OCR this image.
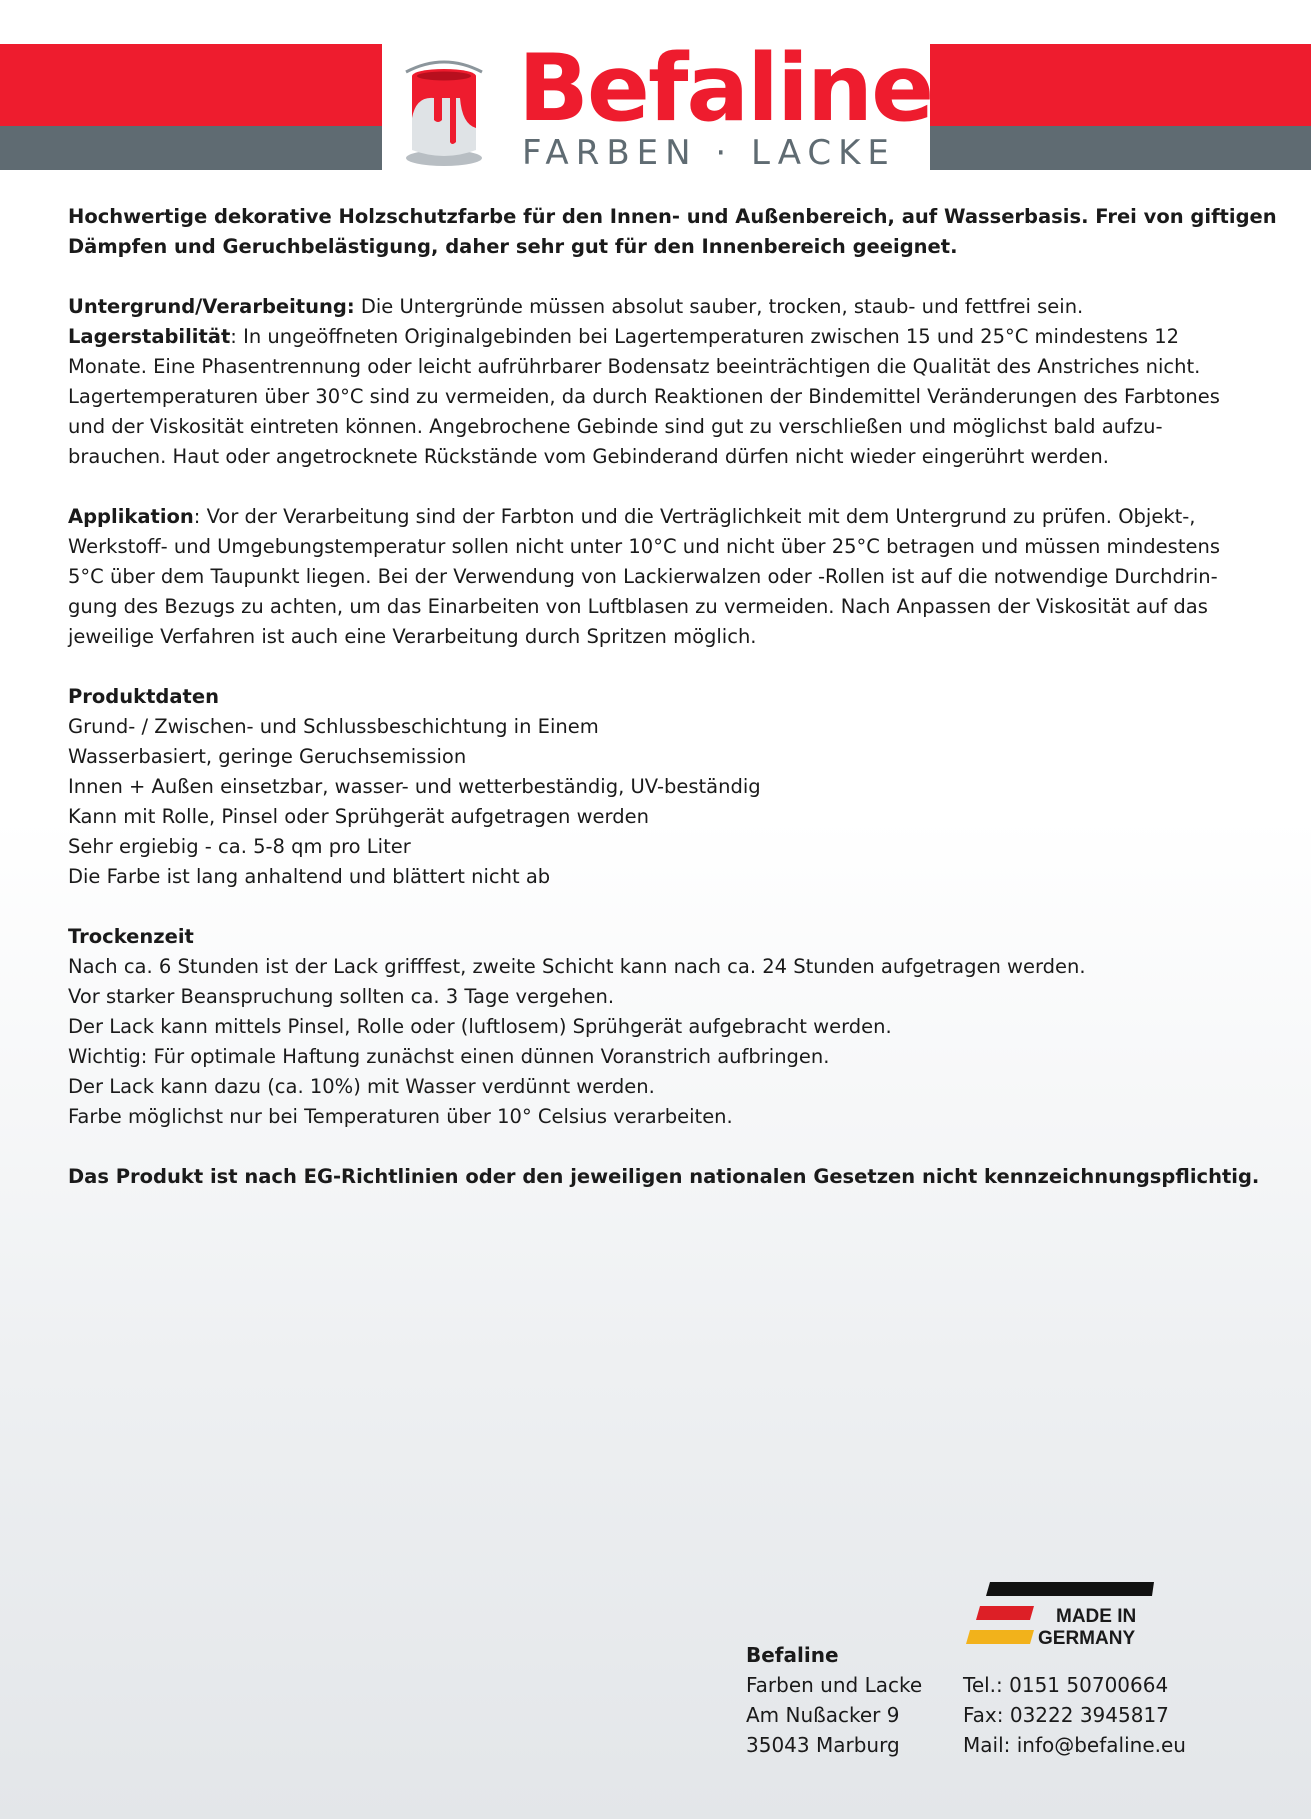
Befaline
FARBEN · LACKE
Hochwertige dekorative Holzschutzfarbe für den Innen- und Außenbereich, auf Wasserbasis. Frei von giftigen
Dämpfen und Geruchbelästigung, daher sehr gut für den Innenbereich geeignet.
Untergrund/Verarbeitung: Die Untergründe müssen absolut sauber, trocken, staub- und fettfrei sein.
Lagerstabilität: In ungeöffneten Originalgebinden bei Lagertemperaturen zwischen 15 und 25°C mindestens 12
Monate. Eine Phasentrennung oder leicht aufrührbarer Bodensatz beeinträchtigen die Qualität des Anstriches nicht.
Lagertemperaturen über 30°C sind zu vermeiden, da durch Reaktionen der Bindemittel Veränderungen des Farbtones
und der Viskosität eintreten können. Angebrochene Gebinde sind gut zu verschließen und möglichst bald aufzu-
brauchen. Haut oder angetrocknete Rückstände vom Gebinderand dürfen nicht wieder eingerührt werden.
Applikation: Vor der Verarbeitung sind der Farbton und die Verträglichkeit mit dem Untergrund zu prüfen. Objekt-,
Werkstoff- und Umgebungstemperatur sollen nicht unter 10°C und nicht über 25°C betragen und müssen mindestens
5°C über dem Taupunkt liegen. Bei der Verwendung von Lackierwalzen oder -Rollen ist auf die notwendige Durchdrin-
gung des Bezugs zu achten, um das Einarbeiten von Luftblasen zu vermeiden. Nach Anpassen der Viskosität auf das
jeweilige Verfahren ist auch eine Verarbeitung durch Spritzen möglich.
Produktdaten
Grund- / Zwischen- und Schlussbeschichtung in Einem
Wasserbasiert, geringe Geruchsemission
Innen + Außen einsetzbar, wasser- und wetterbeständig, UV-beständig
Kann mit Rolle, Pinsel oder Sprühgerät aufgetragen werden
Sehr ergiebig - ca. 5-8 qm pro Liter
Die Farbe ist lang anhaltend und blättert nicht ab
Trockenzeit
Nach ca. 6 Stunden ist der Lack grifffest, zweite Schicht kann nach ca. 24 Stunden aufgetragen werden.
Vor starker Beanspruchung sollten ca. 3 Tage vergehen.
Der Lack kann mittels Pinsel, Rolle oder (luftlosem) Sprühgerät aufgebracht werden.
Wichtig: Für optimale Haftung zunächst einen dünnen Voranstrich aufbringen.
Der Lack kann dazu (ca. 10%) mit Wasser verdünnt werden.
Farbe möglichst nur bei Temperaturen über 10° Celsius verarbeiten.
Das Produkt ist nach EG-Richtlinien oder den jeweiligen nationalen Gesetzen nicht kennzeichnungspflichtig.
MADE IN
GERMANY
Befaline
Farben und Lacke
Am Nußacker 9
35043 Marburg
Tel.: 0151 50700664
Fax: 03222 3945817
Mail: info@befaline.eu
